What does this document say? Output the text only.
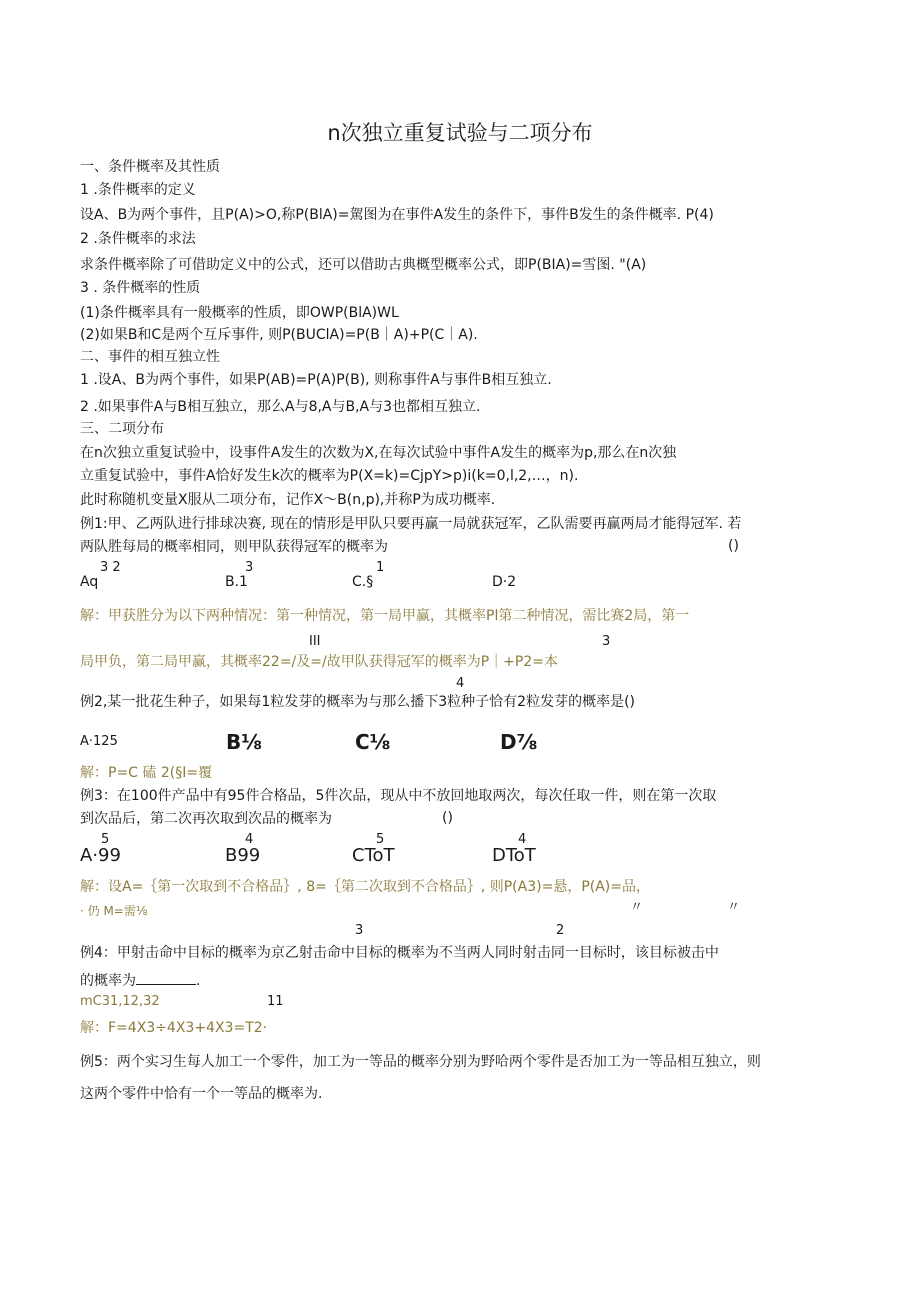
n次独立重复试验与二项分布
一、条件概率及其性质
1 .条件概率的定义
设A、B为两个事件，且P(A)>O,称P(BlA)=駕图为在事件A发生的条件下，事件B发生的条件概率. P(4)
2 .条件概率的求法
求条件概率除了可借助定义中的公式，还可以借助古典概型概率公式，即P(BIA)=雪图. "(A)
3 . 条件概率的性质
(1)条件概率具有一般概率的性质，即OWP(BlA)WL
(2)如果B和C是两个互斥事件, 则P(BUClA)=P(B｜A)+P(C｜A).
二、事件的相互独立性
1 .设A、B为两个事件，如果P(AB)=P(A)P(B), 则称事件A与事件B相互独立.
2 .如果事件A与B相互独立，那么A与8,A与B,A与3也都相互独立.
三、二项分布
在n次独立重复试验中，设事件A发生的次数为X,在每次试验中事件A发生的概率为p,那么在n次独
立重复试验中，事件A恰好发生k次的概率为P(X=k)=CjpY>p)i(k=0,l,2,…，n).
此时称随机变量X服从二项分布，记作X～B(n,p),并称P为成功概率.
例1:甲、乙两队进行排球决赛, 现在的情形是甲队只要再赢一局就获冠军，乙队需要再赢两局才能得冠军. 若
两队胜每局的概率相同，则甲队获得冠军的概率为	()
3 2	3	1
Aq	B.1	C.§	D·2
解：甲获胜分为以下两种情况：第一种情况，第一局甲赢，其概率Pl第二种情况，需比赛2局，第一
III	3
局甲负，第二局甲赢，其概率22=/及=/故甲队获得冠军的概率为P｜+P2=本
4
例2,某一批花生种子，如果每1粒发芽的概率为与那么播下3粒种子恰有2粒发芽的概率是()
A·125	B⅛	C⅛	D⅞
解：P=C 磕 2(§I=覆
例3：在100件产品中有95件合格品，5件次品，现从中不放回地取两次，每次任取一件，则在第一次取
到次品后，第二次再次取到次品的概率为	()
5	4	5	4
A·99	B99	CToT	DToT
解：设A=｛第一次取到不合格品｝, 8=｛第二次取到不合格品｝, 则P(A3)=悬，P(A)=品，
· 仍 M=需⅛	〃	〃
3	2
例4：甲射击命中目标的概率为京乙射击命中目标的概率为不当两人同时射击同一目标时，该目标被击中
的概率为	.
mC31,12,32	11
解：F=4X3÷4X3+4X3=T2·
例5：两个实习生每人加工一个零件，加工为一等品的概率分别为野哈两个零件是否加工为一等品相互独立，则
这两个零件中恰有一个一等品的概率为.
